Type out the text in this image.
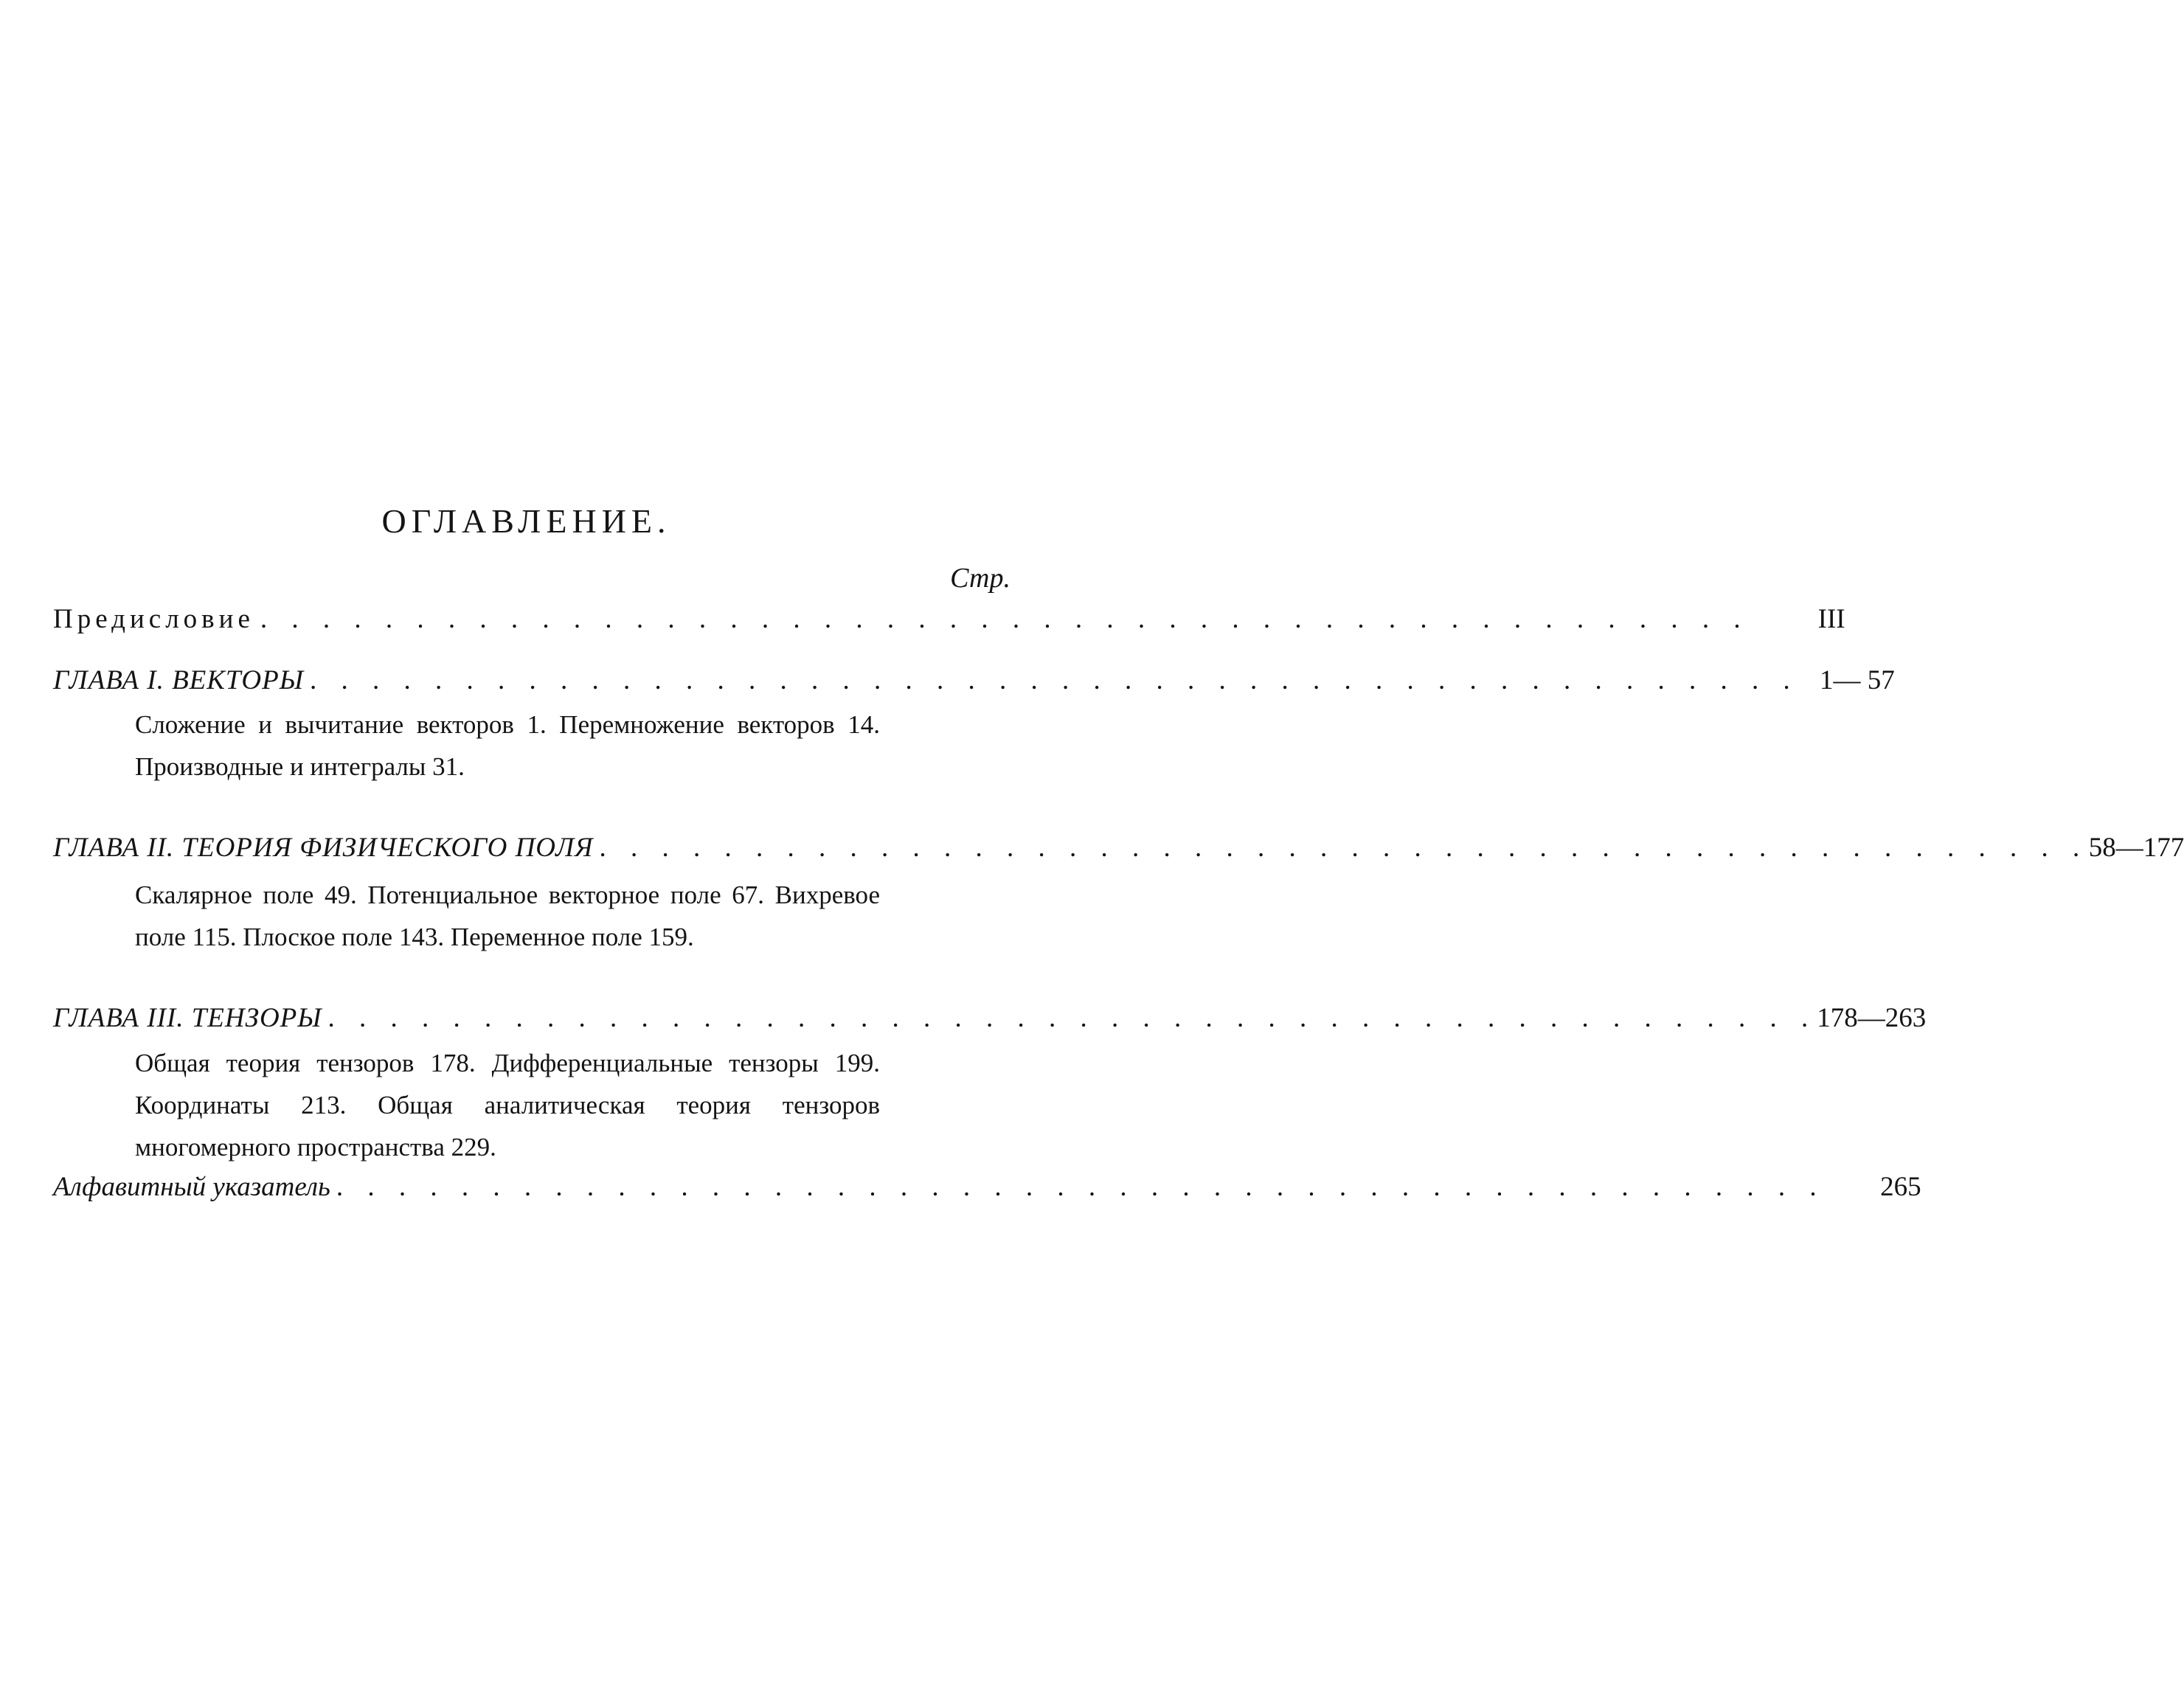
ОГЛАВЛЕНИЕ.
Стр.
Предисловие . . . . . . . . . . . . . . . . . . . . . . . . . . . . . . . . . . . . . . . . . . . . . . . .	III
ГЛАВА I. ВЕКТОРЫ . . . . . . . . . . . . . . . . . . . . . . . . . . . . . . . . . . . . . . . . . . . . . . . . 1— 57
Сложение и вычитание векторов 1. Перемножение векторов 14. Производные и интегралы 31.
ГЛАВА II. ТЕОРИЯ ФИЗИЧЕСКОГО ПОЛЯ . . . . . . . . . . . . . . . . . . . . . . . . . . . . . . . . . . . . . . . . . . . . . . . . 58—177
Скалярное поле 49. Потенциальное векторное поле 67. Вихревое поле 115. Плоское поле 143. Переменное поле 159.
ГЛАВА III. ТЕНЗОРЫ . . . . . . . . . . . . . . . . . . . . . . . . . . . . . . . . . . . . . . . . . . . . . . . . 178—263
Общая теория тензоров 178. Дифференциальные тензоры 199. Координаты 213. Общая аналитическая теория тензоров многомерного пространства 229.
Алфавитный указатель . . . . . . . . . . . . . . . . . . . . . . . . . . . . . . . . . . . . . . . . . . . . . . . .	265
